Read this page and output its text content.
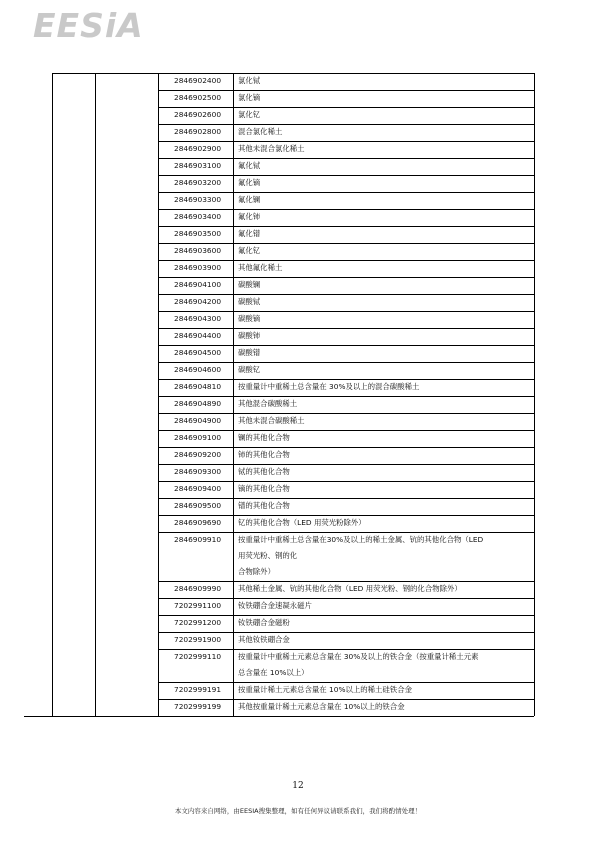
EESiA
2846902400 氯化铽
2846902500 氯化镝
2846902600 氯化钇
2846902800 混合氯化稀土
2846902900 其他未混合氯化稀土
2846903100 氟化铽
2846903200 氟化镝
2846903300 氟化镧
2846903400 氟化铈
2846903500 氟化镨
2846903600 氟化钇
2846903900 其他氟化稀土
2846904100 碳酸镧
2846904200 碳酸铽
2846904300 碳酸镝
2846904400 碳酸铈
2846904500 碳酸镨
2846904600 碳酸钇
2846904810 按重量计中重稀土总含量在 30%及以上的混合碳酸稀土
2846904890 其他混合碳酸稀土
2846904900 其他未混合碳酸稀土
2846909100 镧的其他化合物
2846909200 铈的其他化合物
2846909300 铽的其他化合物
2846909400 镝的其他化合物
2846909500 镨的其他化合物
2846909690 钇的其他化合物（LED 用荧光粉除外）
2846909910 按重量计中重稀土总含量在30%及以上的稀土金属、钪的其他化合物（LED
用荧光粉、钢的化
合物除外）
2846909990 其他稀土金属、钪的其他化合物（LED 用荧光粉、钢的化合物除外）
7202991100 钕铁硼合金速凝永磁片
7202991200 钕铁硼合金磁粉
7202991900 其他钕铁硼合金
7202999110 按重量计中重稀土元素总含量在 30%及以上的铁合金（按重量计稀土元素
总含量在 10%以上）
7202999191 按重量计稀土元素总含量在 10%以上的稀土硅铁合金
7202999199 其他按重量计稀土元素总含量在 10%以上的铁合金
12
本文内容来自网络，由EESIA搜集整理，如有任何异议请联系我们，我们将酌情处理！
